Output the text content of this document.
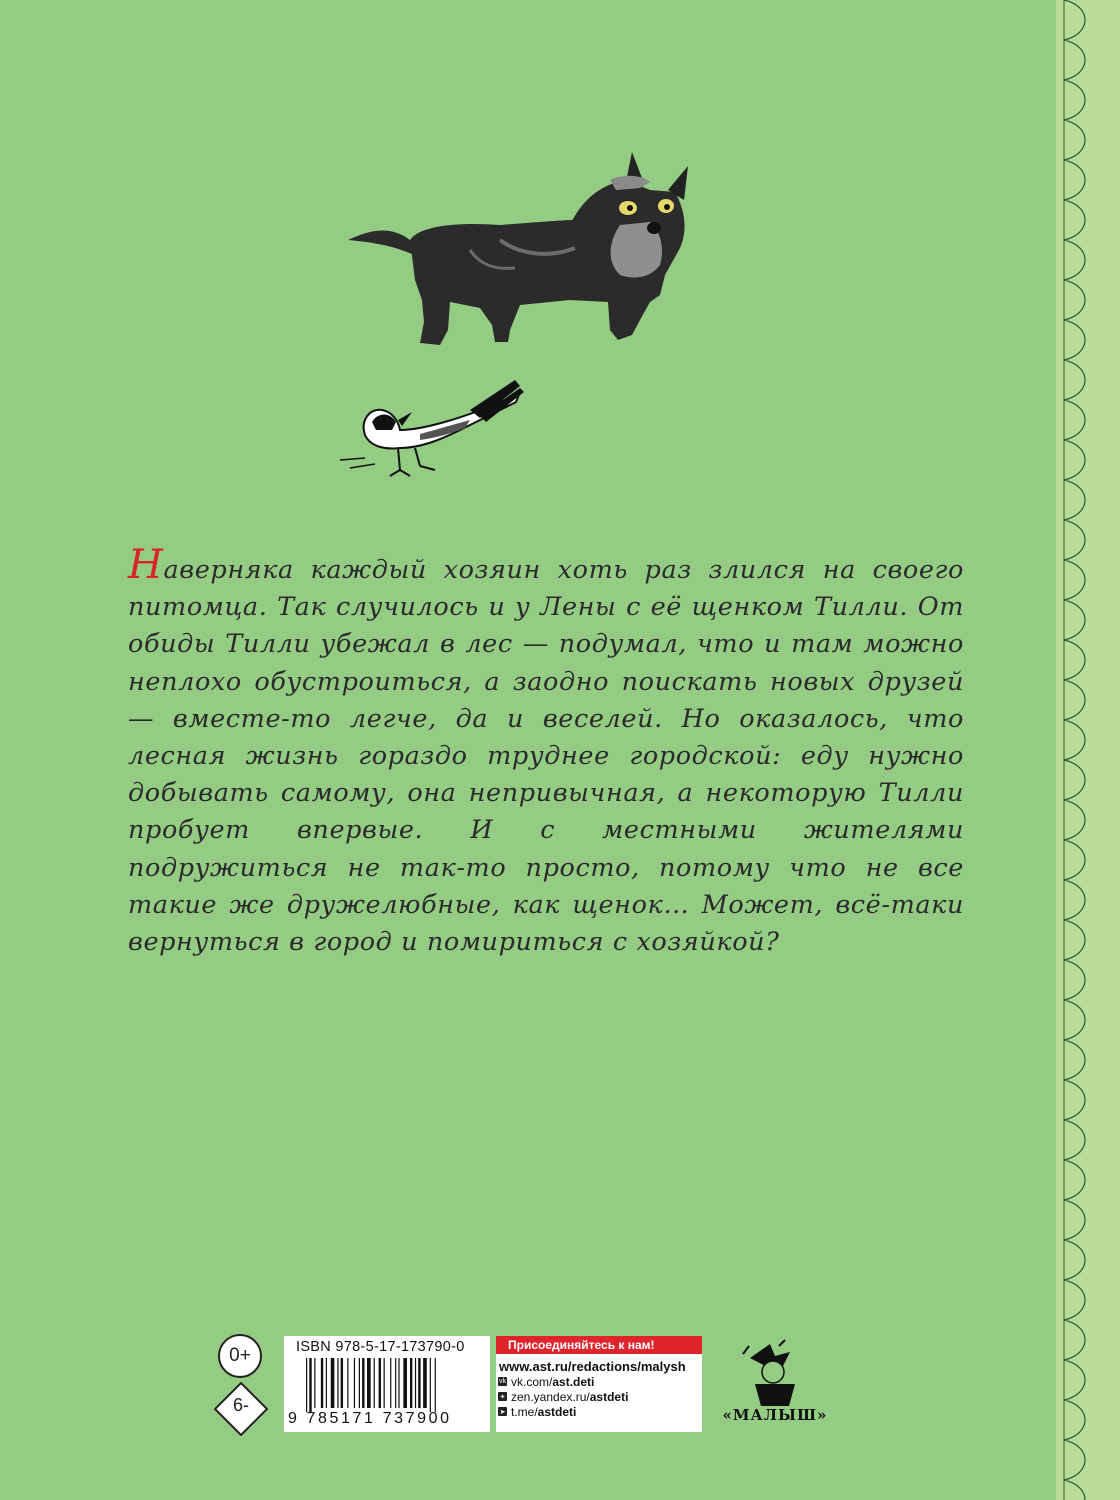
Наверняка каждый хозяин хоть раз злился на своего питомца. Так случилось и у Лены с её щенком Тилли. От обиды Тилли убежал в лес — подумал, что и там можно неплохо обустроиться, а заодно поискать новых друзей — вместе-то легче, да и веселей. Но оказалось, что лесная жизнь гораздо труднее городской: еду нужно добывать самому, она непривычная, а некоторую Тилли пробует впервые. И с местными жителями подружиться не так-то просто, потому что не все такие же дружелюбные, как щенок… Может, всё-таки вернуться в город и помириться с хозяйкой?
0+
6-
ISBN 978-5-17-173790-0
9 785171 737900
Присоединяйтесь к нам!
www.ast.ru/redactions/malysh
vk vk.com/ ast.deti
✦ zen.yandex.ru/ astdeti
➤ t.me/ astdeti	«МАЛЫШ»
